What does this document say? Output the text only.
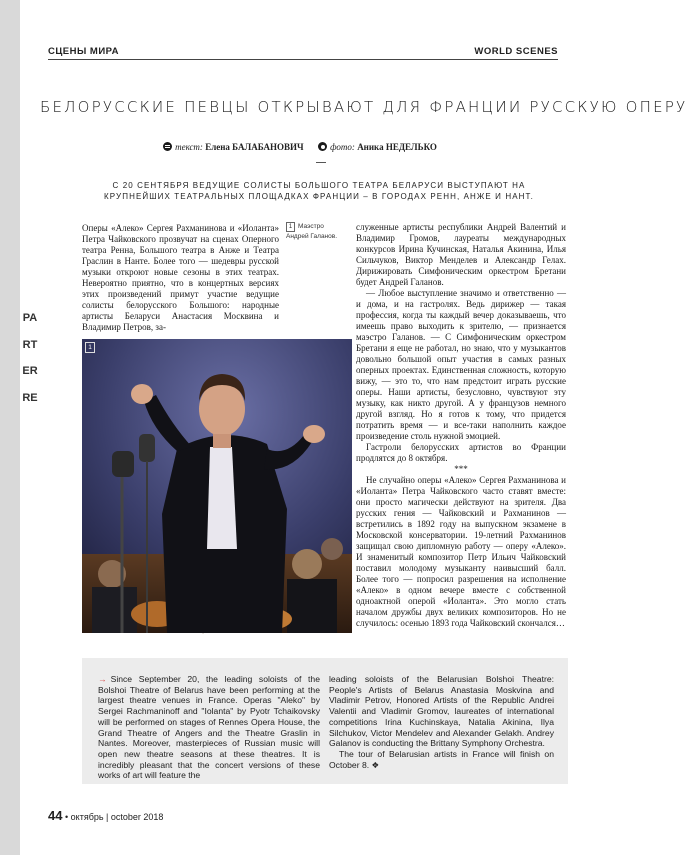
PARTERRE
СЦЕНЫ МИРА	WORLD SCENES
БЕЛОРУССКИЕ ПЕВЦЫ ОТКРЫВАЮТ ДЛЯ ФРАНЦИИ РУССКУЮ ОПЕРУ
текст: Елена БАЛАБАНОВИЧ	фото: Аника НЕДЕЛЬКО
С 20 СЕНТЯБРЯ ВЕДУЩИЕ СОЛИСТЫ БОЛЬШОГО ТЕАТРА БЕЛАРУСИ ВЫСТУПАЮТ НА КРУПНЕЙШИХ ТЕАТРАЛЬНЫХ ПЛОЩАДКАХ ФРАНЦИИ – В ГОРОДАХ РЕНН, АНЖЕ И НАНТ.

Оперы «Алеко» Сергея Рахманинова и «Иоланта» Петра Чайковского прозвучат на сценах Оперного театра Ренна, Большого театра в Анже и Театра Граслин в Нанте. Более того — шедевры русской музыки откроют новые сезоны в этих театрах. Невероятно приятно, что в концертных версиях этих произведений примут участие ведущие солисты белорусского Большого: народные артисты Беларуси Анастасия Москвина и Владимир Петров, за-

1 Маэстро Андрей Галанов.
1

служенные артисты республики Андрей Валентий и Владимир Громов, лауреаты международных конкурсов Ирина Кучинская, Наталья Акинина, Илья Сильчуков, Виктор Менделев и Александр Гелах. Дирижировать Симфоническим оркестром Бретани будет Андрей Галанов.

— Любое выступление значимо и ответственно — и дома, и на гастролях. Ведь дирижер — такая профессия, когда ты каждый вечер доказываешь, что имеешь право выходить к зрителю, — признается маэстро Галанов. — С Симфоническим оркестром Бретани я еще не работал, но знаю, что у музыкантов довольно большой опыт участия в самых разных оперных проектах. Единственная сложность, которую вижу, — это то, что нам предстоит играть русские оперы. Наши артисты, безусловно, чувствуют эту музыку, как никто другой. А у французов немного другой взгляд. Но я готов к тому, что придется потратить время — и все-таки наполнить каждое произведение столь нужной эмоцией.

Гастроли белорусских артистов во Франции продлятся до 8 октября.

***

Не случайно оперы «Алеко» Сергея Рахманинова и «Иоланта» Петра Чайковского часто ставят вместе: они просто магически действуют на зрителя. Два русских гения — Чайковский и Рахманинов — встретились в 1892 году на выпускном экзамене в Московской консерватории. 19-летний Рахманинов защищал свою дипломную работу — оперу «Алеко». И знаменитый композитор Петр Ильич Чайковский поставил молодому музыканту наивысший балл. Более того — попросил разрешения на исполнение «Алеко» в одном вечере вместе с собственной одноактной оперой «Иоланта». Это могло стать началом дружбы двух великих композиторов. Но не случилось: осенью 1893 года Чайковский скончался…

→ Since September 20, the leading soloists of the Bolshoi Theatre of Belarus have been performing at the largest theatre venues in France. Operas "Aleko" by Sergei Rachmaninoff and "Iolanta" by Pyotr Tchaikovsky will be performed on stages of Rennes Opera House, the Grand Theatre of Angers and the Theatre Graslin in Nantes. Moreover, masterpieces of Russian music will open new theatre seasons at these theatres. It is incredibly pleasant that the concert versions of these works of art will feature the

leading soloists of the Belarusian Bolshoi Theatre: People's Artists of Belarus Anastasia Moskvina and Vladimir Petrov, Honored Artists of the Republic Andrei Valentii and Vladimir Gromov, laureates of international competitions Irina Kuchinskaya, Natalia Akinina, Ilya Silchukov, Victor Mendelev and Alexander Gelakh. Andrey Galanov is conducting the Brittany Symphony Orchestra.

The tour of Belarusian artists in France will finish on October 8. ❖

44 • октябрь | october 2018
